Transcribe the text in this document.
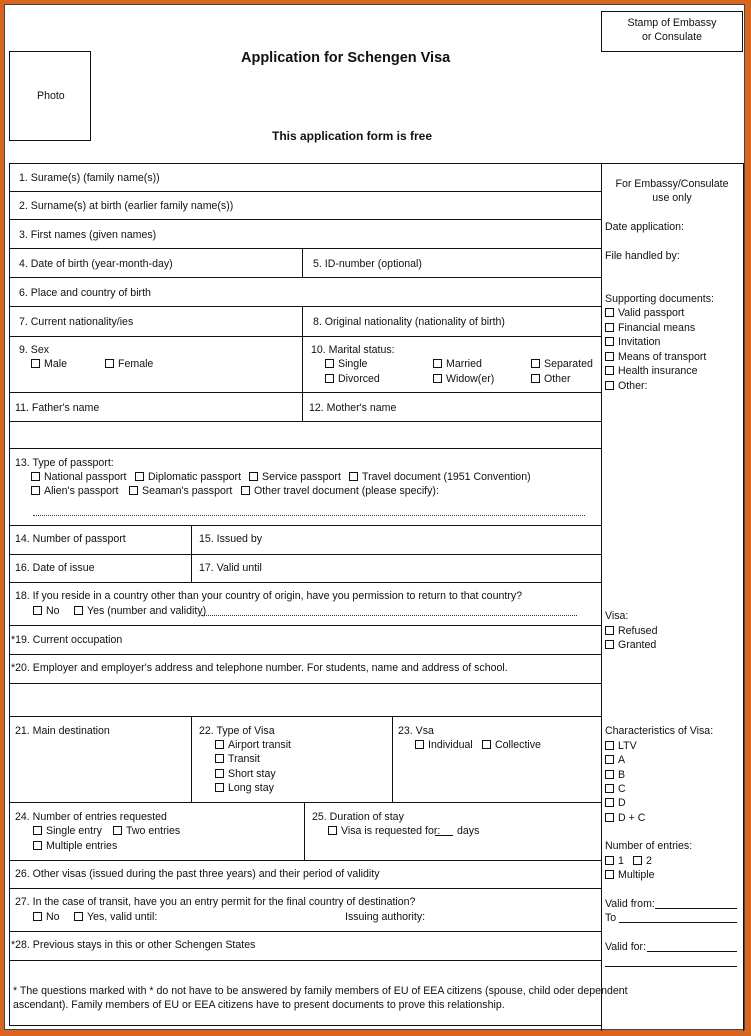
Photo
Application for Schengen Visa
This application form is free
Stamp of Embassy
or Consulate
1. Surame(s) (family name(s))
2. Surname(s) at birth (earlier family name(s))
3. First names (given names)
4. Date of birth (year-month-day)	5. ID-number (optional)
6. Place and country of birth
7. Current nationality/ies	8. Original nationality (nationality of birth)
9. Sex
Male	Female
10. Marital status:
Single	Married	Separated
Divorced	Widow(er)	Other
11. Father's name	12. Mother's name
13. Type of passport:
National passport	Diplomatic passport	Service passport	Travel document (1951 Convention)
Alien's passport	Seaman's passport	Other travel document (please specify):
14. Number of passport	15. Issued by
16. Date of issue	17. Valid until
18. If you reside in a country other than your country of origin, have you permission to return to that country?
No	Yes (number and validity)
*19. Current occupation
*20. Employer and employer's address and telephone number. For students, name and address of school.
21. Main destination	22. Type of Visa
Airport transit
Transit
Short stay
Long stay
23. Vsa
Individual	Collective
24. Number of entries requested
Single entry	Two entries
Multiple entries
25. Duration of stay
Visa is requested for: days
26. Other visas (issued during the past three years) and their period of validity
27. In the case of transit, have you an entry permit for the final country of destination?
No	Yes, valid until:	Issuing authority:
*28. Previous stays in this or other Schengen States
* The questions marked with * do not have to be answered by family members of EU of EEA citizens (spouse, child oder dependent
ascendant). Family members of EU or EEA citizens have to present documents to prove this relationship.
For Embassy/Consulate
use only
Date application:
File handled by:
Supporting documents:
Valid passport
Financial means
Invitation
Means of transport
Health insurance
Other:
Visa:
Refused
Granted
Characteristics of Visa:
LTV
A
B
C
D
D + C
Number of entries:
1	2
Multiple
Valid from:
To
Valid for:
